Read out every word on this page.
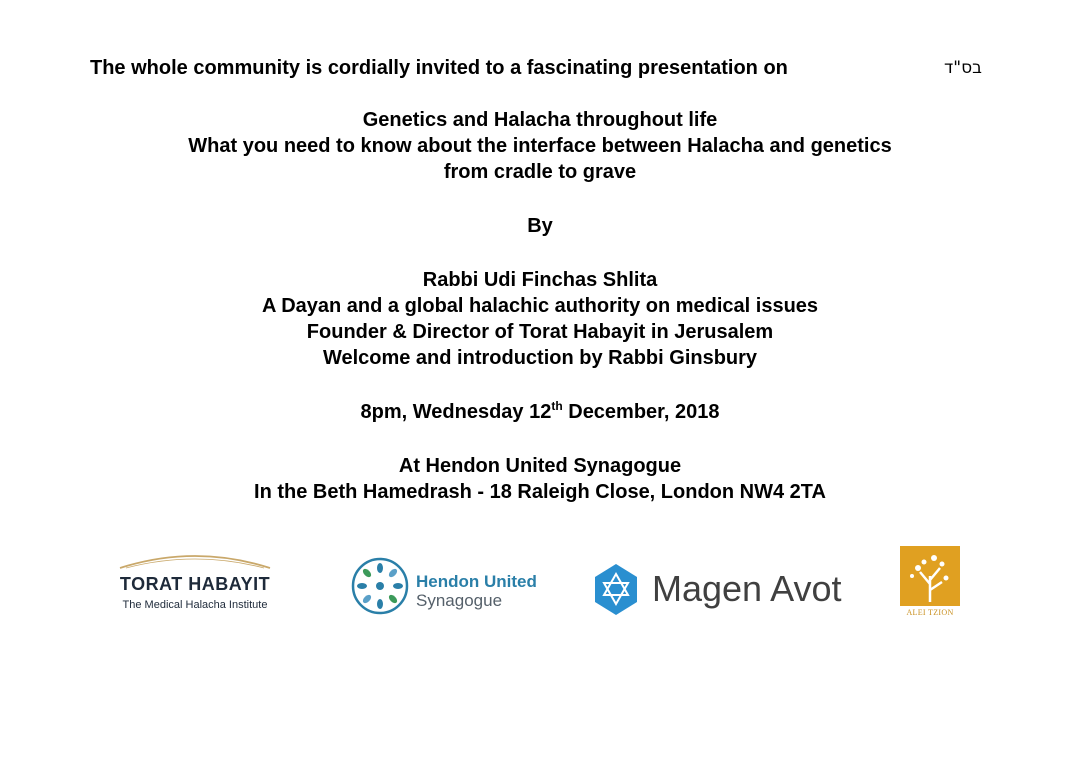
The whole community is cordially invited to a fascinating presentation on	בס"ד
Genetics and Halacha throughout life
What you need to know about the interface between Halacha and genetics
from cradle to grave
By
Rabbi Udi Finchas Shlita
A Dayan and a global halachic authority on medical issues
Founder & Director of Torat Habayit in Jerusalem
Welcome and introduction by Rabbi Ginsbury
8pm, Wednesday 12th December, 2018
At Hendon United Synagogue
In the Beth Hamedrash - 18 Raleigh Close, London NW4 2TA
TORAT HABAYIT
The Medical Halacha Institute
Hendon United
Synagogue	Magen Avot
ALEI TZION
